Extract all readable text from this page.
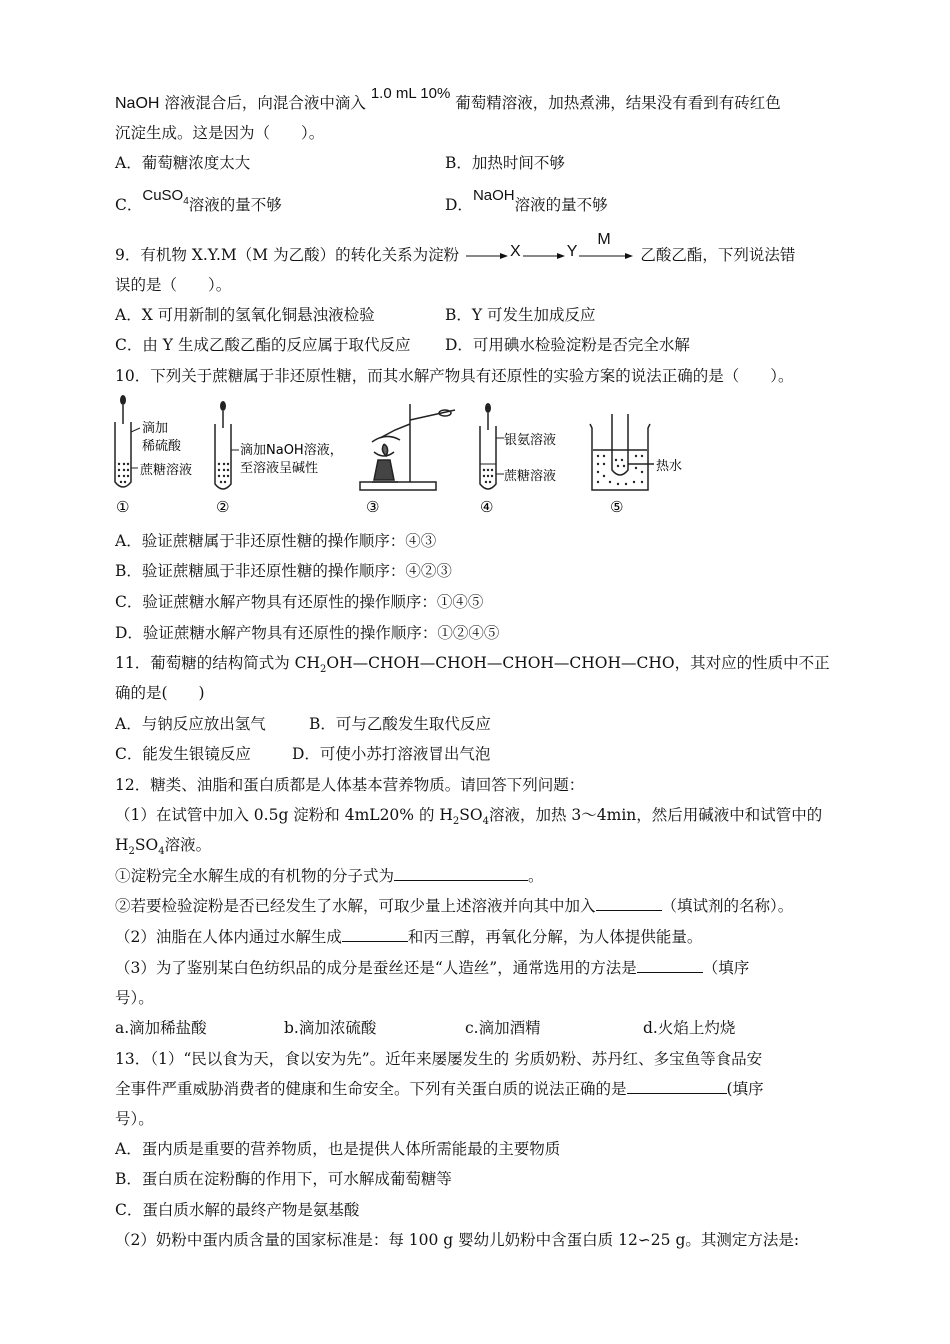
NaOH 溶液混合后，向混合液中滴入 1.0 mL 10% 葡萄精溶液，加热煮沸，结果没有看到有砖红色
沉淀生成。这是因为（　　）。
A．葡萄糖浓度太大	B．加热时间不够
C．CuSO$_4$溶液的量不够	D．NaOH溶液的量不够
9．有机物 X.Y.M（M 为乙酸）的转化关系为淀粉	X	Y
M
乙酸乙酯，下列说法错
误的是（　　）。
A．X 可用新制的氢氧化铜悬浊液检验	B．Y 可发生加成反应
C．由 Y 生成乙酸乙酯的反应属于取代反应 D．可用碘水检验淀粉是否完全水解
10．下列关于蔗糖属于非还原性糖，而其水解产物具有还原性的实验方案的说法正确的是（　　）。
滴加
稀硫酸
蔗糖溶液
①
滴加NaOH溶液，
至溶液呈碱性
②	③
银氨溶液
蔗糖溶液
④
热水
⑤
A．验证蔗糖属于非还原性糖的操作顺序：④③
B．验证蔗糖風于非还原性糖的操作顺序：④②③
C．验证蔗糖水解产物具有还原性的操作顺序：①④⑤
D．验证蔗糖水解产物具有还原性的操作顺序：①②④⑤
11．葡萄糖的结构简式为 $CH_2OH—CHOH—CHOH—CHOH—CHOH—CHO$，其对应的性质中不正
确的是(　　)
A．与钠反应放出氢气	B．可与乙酸发生取代反应
C．能发生银镜反应	D．可使小苏打溶液冒出气泡
12．糖类、油脂和蛋白质都是人体基本营养物质。请回答下列问题：
（1）在试管中加入 0.5g 淀粉和 4mL20% 的 $H_2SO_4$溶液，加热 3～4min，然后用碱液中和试管中的
$H_2SO_4$溶液。
①淀粉完全水解生成的有机物的分子式为	。
②若要检验淀粉是否已经发生了水解，可取少量上述溶液并向其中加入	（填试剂的名称）。
（2）油脂在人体内通过水解生成	和丙三醇，再氧化分解，为人体提供能量。
（3）为了鉴别某白色纺织品的成分是蚕丝还是“人造丝”，通常选用的方法是	（填序
号）。
a.滴加稀盐酸	b.滴加浓硫酸	c.滴加酒精	d.火焰上灼烧
13．（1）“民以食为天，食以安为先”。近年来屡屡发生的 劣质奶粉、苏丹红、多宝鱼等食品安
全事件严重威胁消费者的健康和生命安全。下列有关蛋白质的说法正确的是	(填序
号）。
A．蛋内质是重要的营养物质，也是提供人体所需能最的主要物质
B．蛋白质在淀粉酶的作用下，可水解成葡萄糖等
C．蛋白质水解的最终产物是氨基酸
（2）奶粉中蛋内质含量的国家标准是：每 100 g 婴幼儿奶粉中含蛋白质 12∽25 g。其测定方法是:
